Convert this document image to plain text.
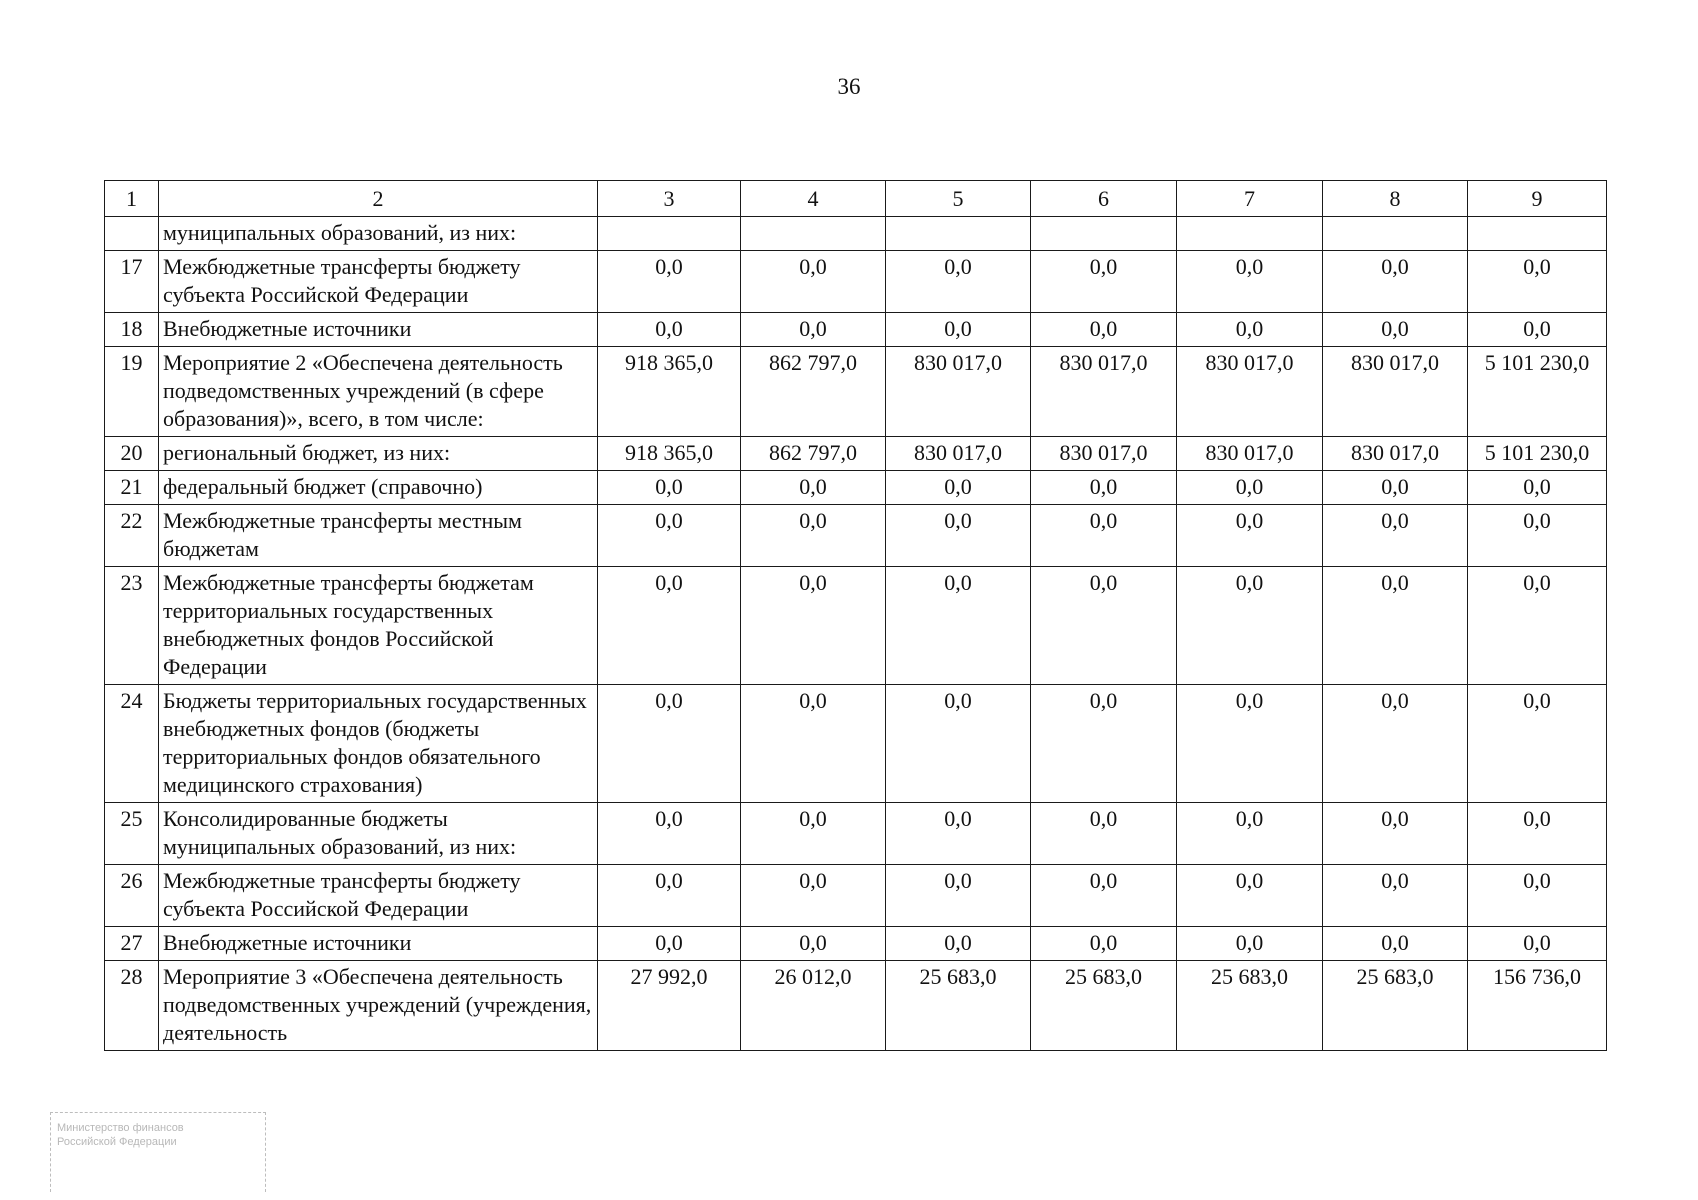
36
1	2	3	4	5	6	7	8	9
	муниципальных образований, из них:							
17	Межбюджетные трансферты бюджету субъекта Российской Федерации	0,0	0,0	0,0	0,0	0,0	0,0	0,0
18	Внебюджетные источники	0,0	0,0	0,0	0,0	0,0	0,0	0,0
19	Мероприятие 2 «Обеспечена деятельность подведомственных учреждений (в сфере образования)», всего, в том числе:	918 365,0	862 797,0	830 017,0	830 017,0	830 017,0	830 017,0	5 101 230,0
20	региональный бюджет, из них:	918 365,0	862 797,0	830 017,0	830 017,0	830 017,0	830 017,0	5 101 230,0
21	федеральный бюджет (справочно)	0,0	0,0	0,0	0,0	0,0	0,0	0,0
22	Межбюджетные трансферты местным бюджетам	0,0	0,0	0,0	0,0	0,0	0,0	0,0
23	Межбюджетные трансферты бюджетам территориальных государственных внебюджетных фондов Российской Федерации	0,0	0,0	0,0	0,0	0,0	0,0	0,0
24	Бюджеты территориальных государственных внебюджетных фондов (бюджеты территориальных фондов обязательного медицинского страхования)	0,0	0,0	0,0	0,0	0,0	0,0	0,0
25	Консолидированные бюджеты муниципальных образований, из них:	0,0	0,0	0,0	0,0	0,0	0,0	0,0
26	Межбюджетные трансферты бюджету субъекта Российской Федерации	0,0	0,0	0,0	0,0	0,0	0,0	0,0
27	Внебюджетные источники	0,0	0,0	0,0	0,0	0,0	0,0	0,0
28	Мероприятие 3 «Обеспечена деятельность подведомственных учреждений (учреждения, деятельность	27 992,0	26 012,0	25 683,0	25 683,0	25 683,0	25 683,0	156 736,0
Министерство финансов
Российской Федерации
